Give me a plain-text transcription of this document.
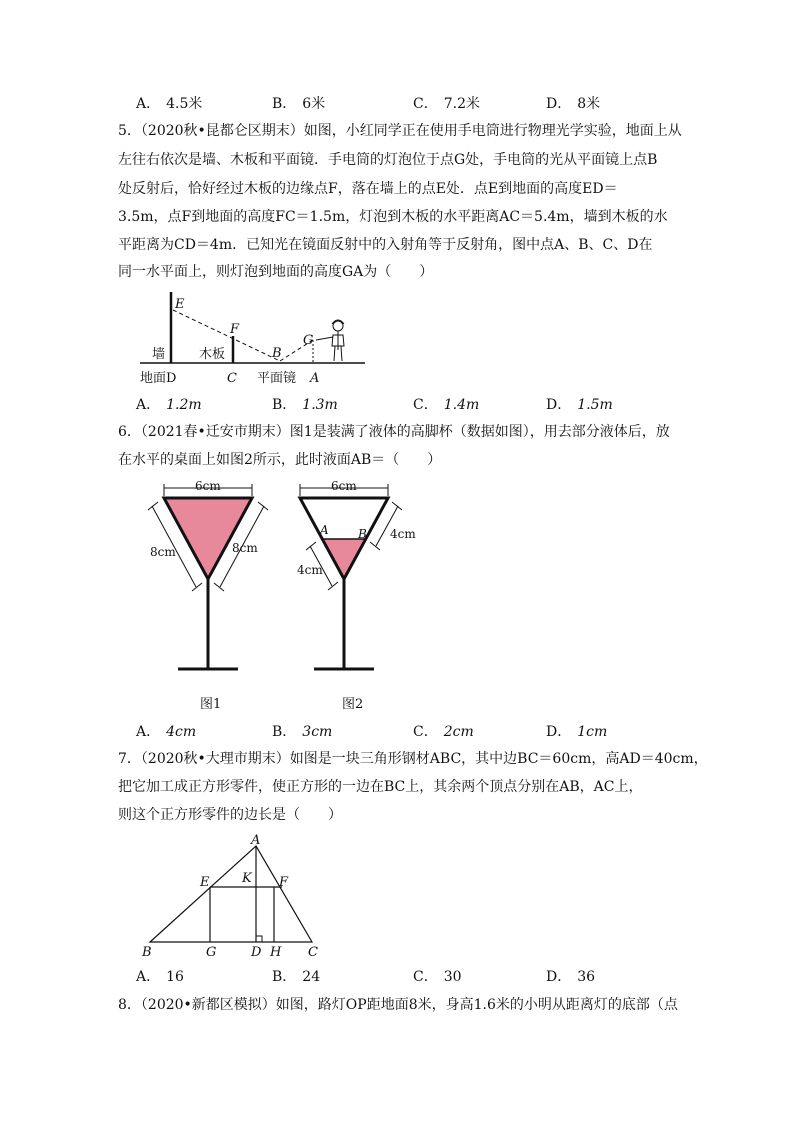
A． 4.5米	B． 6米	C． 7.2米	D． 8米
5．（2020秋•昆都仑区期末）如图，小红同学正在使用手电筒进行物理光学实验，地面上从
左往右依次是墙、木板和平面镜．手电筒的灯泡位于点G处，手电筒的光从平面镜上点B
处反射后，恰好经过木板的边缘点F，落在墙上的点E处．点E到地面的高度ED＝
3.5m，点F到地面的高度FC＝1.5m，灯泡到木板的水平距离AC＝5.4m，墙到木板的水
平距离为CD＝4m．已知光在镜面反射中的入射角等于反射角，图中点A、B、C、D在
同一水平面上，则灯泡到地面的高度GA为（　　）
E
F
B
G
墙	木板
地面D	C 平面镜 A
A． 1.2m	B． 1.3m	C． 1.4m	D． 1.5m
6．（2021春•迁安市期末）图1是装满了液体的高脚杯（数据如图），用去部分液体后，放
在水平的桌面上如图2所示，此时液面AB＝（　　）
6cm
8cm	8cm
图1
6cm
4cm
4cm
A B
图2
A． 4cm	B． 3cm	C． 2cm	D． 1cm
7．（2020秋•大理市期末）如图是一块三角形钢材ABC，其中边BC＝60cm，高AD＝40cm，
把它加工成正方形零件，使正方形的一边在BC上，其余两个顶点分别在AB，AC上，
则这个正方形零件的边长是（　　）
A
B	C
D
E	F
G	H
K
A． 16	B． 24	C． 30	D． 36
8．（2020•新都区模拟）如图，路灯OP距地面8米，身高1.6米的小明从距离灯的底部（点
